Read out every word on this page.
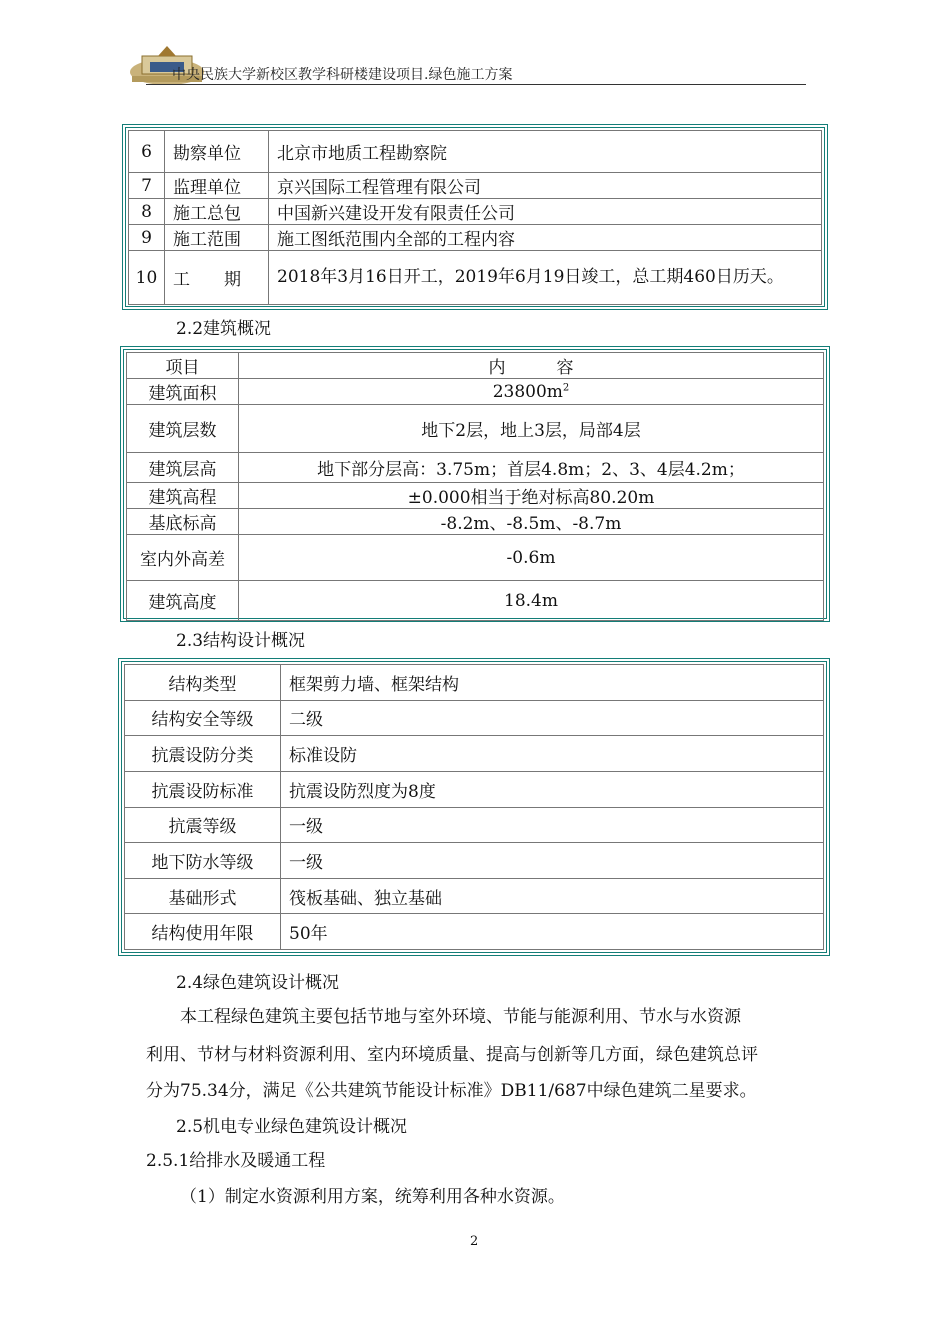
中央民族大学新校区教学科研楼建设项目.绿色施工方案
6	勘察单位	北京市地质工程勘察院
7	监理单位	京兴国际工程管理有限公司
8	施工总包	中国新兴建设开发有限责任公司
9	施工范围	施工图纸范围内全部的工程内容
10	工　　期	2018年3月16日开工，2019年6月19日竣工，总工期460日历天。
2.2建筑概况
项目	内　　　容
建筑面积	$23800m^2$
建筑层数	地下2层，地上3层，局部4层
建筑层高	地下部分层高：3.75m；首层4.8m；2、3、4层4.2m；
建筑高程	±0.000相当于绝对标高80.20m
基底标高	-8.2m、-8.5m、-8.7m
室内外高差	-0.6m
建筑高度	18.4m
2.3结构设计概况
结构类型	框架剪力墙、框架结构
结构安全等级	二级
抗震设防分类	标准设防
抗震设防标准	抗震设防烈度为8度
抗震等级	一级
地下防水等级	一级
基础形式	筏板基础、独立基础
结构使用年限	50年
2.4绿色建筑设计概况
本工程绿色建筑主要包括节地与室外环境、节能与能源利用、节水与水资源
利用、节材与材料资源利用、室内环境质量、提高与创新等几方面，绿色建筑总评
分为75.34分，满足《公共建筑节能设计标准》DB11/687中绿色建筑二星要求。
2.5机电专业绿色建筑设计概况
2.5.1给排水及暖通工程
（1）制定水资源利用方案，统筹利用各种水资源。
2
